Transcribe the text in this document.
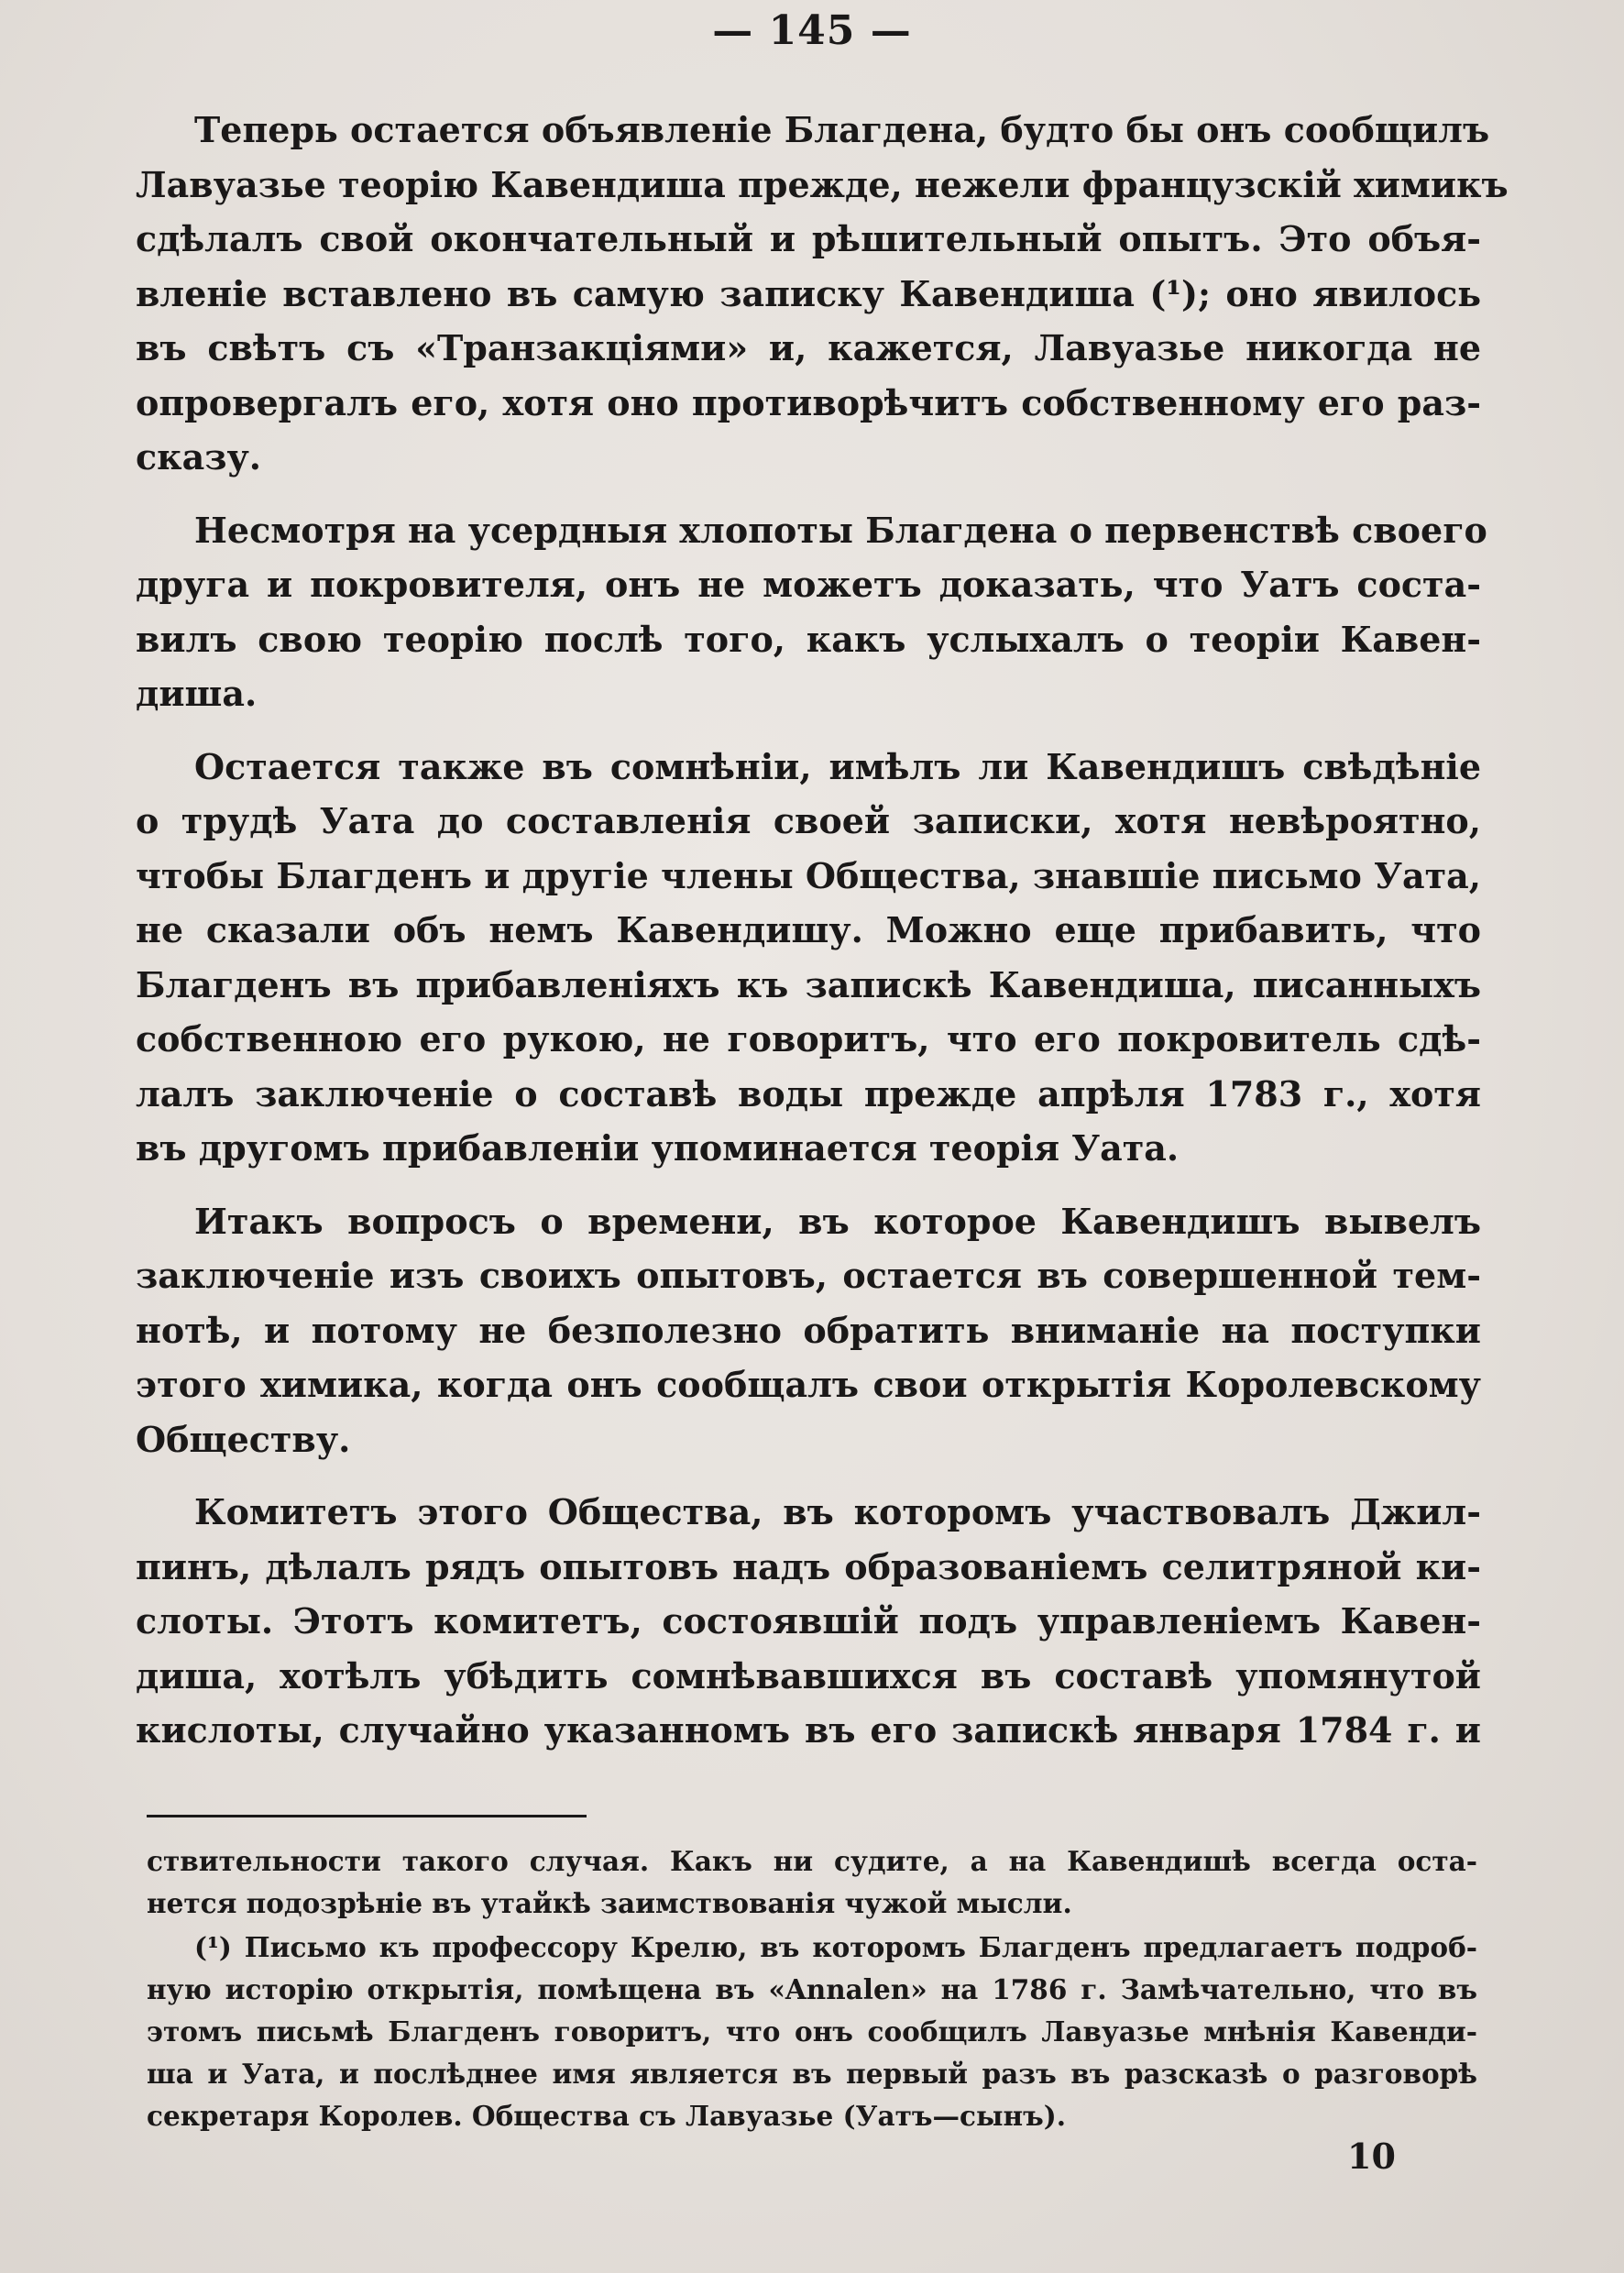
— 145 —
Теперь остается объявленіе Благдена, будто бы онъ сообщилъ
Лавуазье теорію Кавендиша прежде, нежели французскій химикъ
сдѣлалъ свой окончательный и рѣшительный опытъ. Это объя-
вленіе вставлено въ самую записку Кавендиша (¹); оно явилось
въ свѣтъ съ «Транзакціями» и, кажется, Лавуазье никогда не
опровергалъ его, хотя оно противорѣчитъ собственному его раз-
сказу.
Несмотря на усердныя хлопоты Благдена о первенствѣ своего
друга и покровителя, онъ не можетъ доказать, что Уатъ соста-
вилъ свою теорію послѣ того, какъ услыхалъ о теоріи Кавен-
диша.
Остается также въ сомнѣніи, имѣлъ ли Кавендишъ свѣдѣніе
о трудѣ Уата до составленія своей записки, хотя невѣроятно,
чтобы Благденъ и другіе члены Общества, знавшіе письмо Уата,
не сказали объ немъ Кавендишу. Можно еще прибавить, что
Благденъ въ прибавленіяхъ къ запискѣ Кавендиша, писанныхъ
собственною его рукою, не говоритъ, что его покровитель сдѣ-
лалъ заключеніе о составѣ воды прежде апрѣля 1783 г., хотя
въ другомъ прибавленіи упоминается теорія Уата.
Итакъ вопросъ о времени, въ которое Кавендишъ вывелъ
заключеніе изъ своихъ опытовъ, остается въ совершенной тем-
нотѣ, и потому не безполезно обратить вниманіе на поступки
этого химика, когда онъ сообщалъ свои открытія Королевскому
Обществу.
Комитетъ этого Общества, въ которомъ участвовалъ Джил-
пинъ, дѣлалъ рядъ опытовъ надъ образованіемъ селитряной ки-
слоты. Этотъ комитетъ, состоявшій подъ управленіемъ Кавен-
диша, хотѣлъ убѣдить сомнѣвавшихся въ составѣ упомянутой
кислоты, случайно указанномъ въ его запискѣ января 1784 г. и
ствительности такого случая. Какъ ни судите, а на Кавендишѣ всегда оста-
нется подозрѣніе въ утайкѣ заимствованія чужой мысли.
(¹) Письмо къ профессору Крелю, въ которомъ Благденъ предлагаетъ подроб-
ную исторію открытія, помѣщена въ «Annalen» на 1786 г. Замѣчательно, что въ
этомъ письмѣ Благденъ говоритъ, что онъ сообщилъ Лавуазье мнѣнія Кавенди-
ша и Уата, и послѣднее имя является въ первый разъ въ разсказѣ о разговорѣ
секретаря Королев. Общества съ Лавуазье (Уатъ—сынъ).
10
